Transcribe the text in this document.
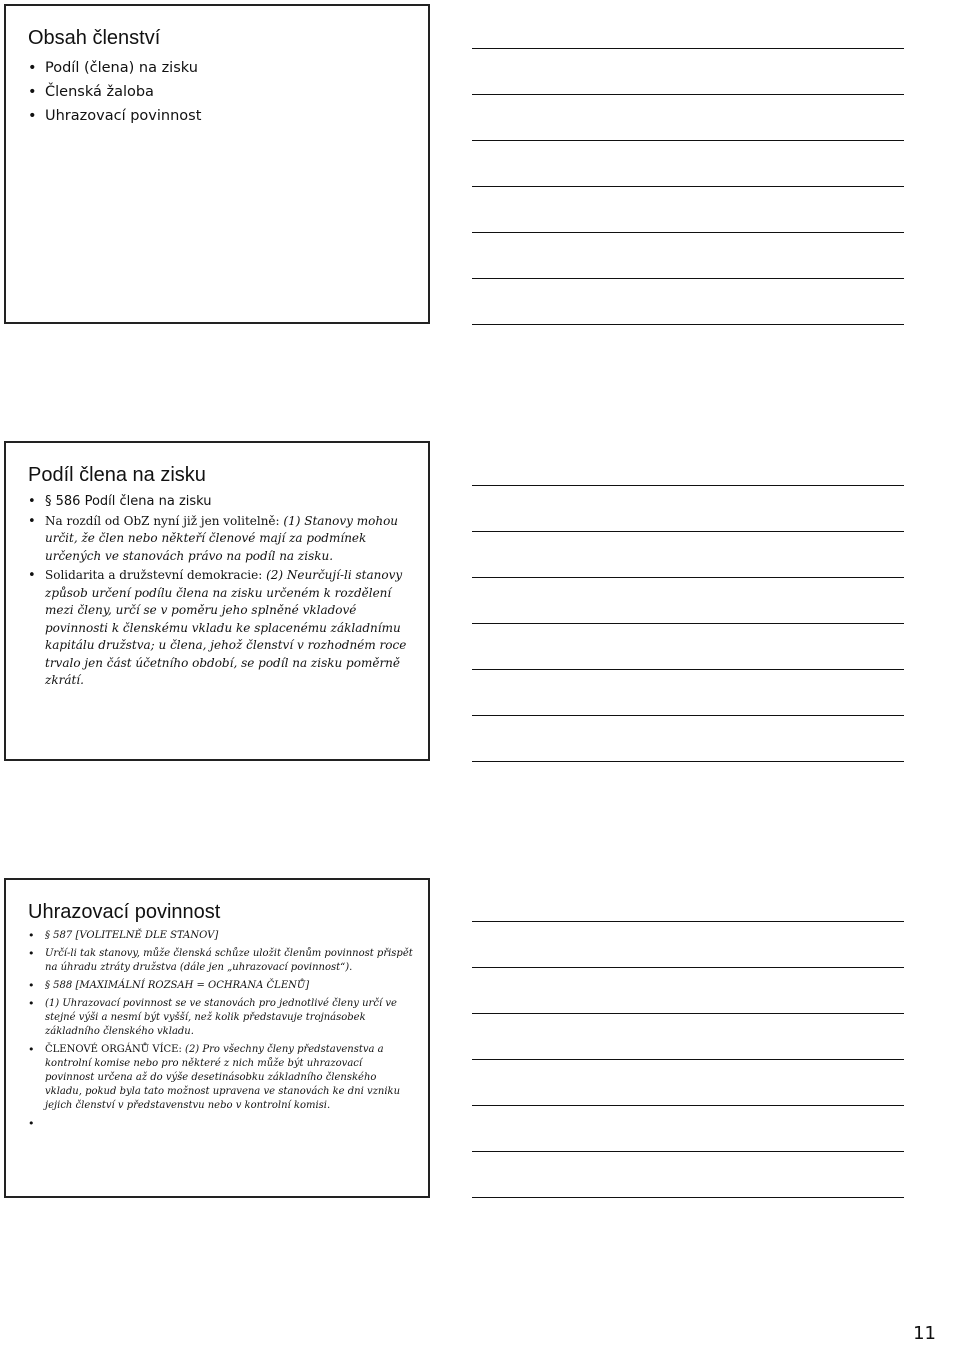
Obsah členství
• Podíl (člena) na zisku
• Členská žaloba
• Uhrazovací povinnost
Podíl člena na zisku
• § 586 Podíl člena na zisku
• Na rozdíl od ObZ nyní již jen volitelně: (1) Stanovy mohou určit, že člen nebo někteří členové mají za podmínek určených ve stanovách právo na podíl na zisku.
• Solidarita a družstevní demokracie: (2) Neurčují-li stanovy způsob určení podílu člena na zisku určeném k rozdělení mezi členy, určí se v poměru jeho splněné vkladové povinnosti k členskému vkladu ke splacenému základnímu kapitálu družstva; u člena, jehož členství v rozhodném roce trvalo jen část účetního období, se podíl na zisku poměrně zkrátí.
Uhrazovací povinnost
• § 587 [VOLITELNĚ DLE STANOV]
• Určí-li tak stanovy, může členská schůze uložit členům povinnost přispět na úhradu ztráty družstva (dále jen „uhrazovací povinnost“).
• § 588 [MAXIMÁLNÍ ROZSAH = OCHRANA ČLENŮ]
• (1) Uhrazovací povinnost se ve stanovách pro jednotlivé členy určí ve stejné výši a nesmí být vyšší, než kolik představuje trojnásobek základního členského vkladu.
• ČLENOVÉ ORGÁNŮ VÍCE: (2) Pro všechny členy představenstva a kontrolní komise nebo pro některé z nich může být uhrazovací povinnost určena až do výše desetinásobku základního členského vkladu, pokud byla tato možnost upravena ve stanovách ke dni vzniku jejich členství v představenstvu nebo v kontrolní komisi.
11
